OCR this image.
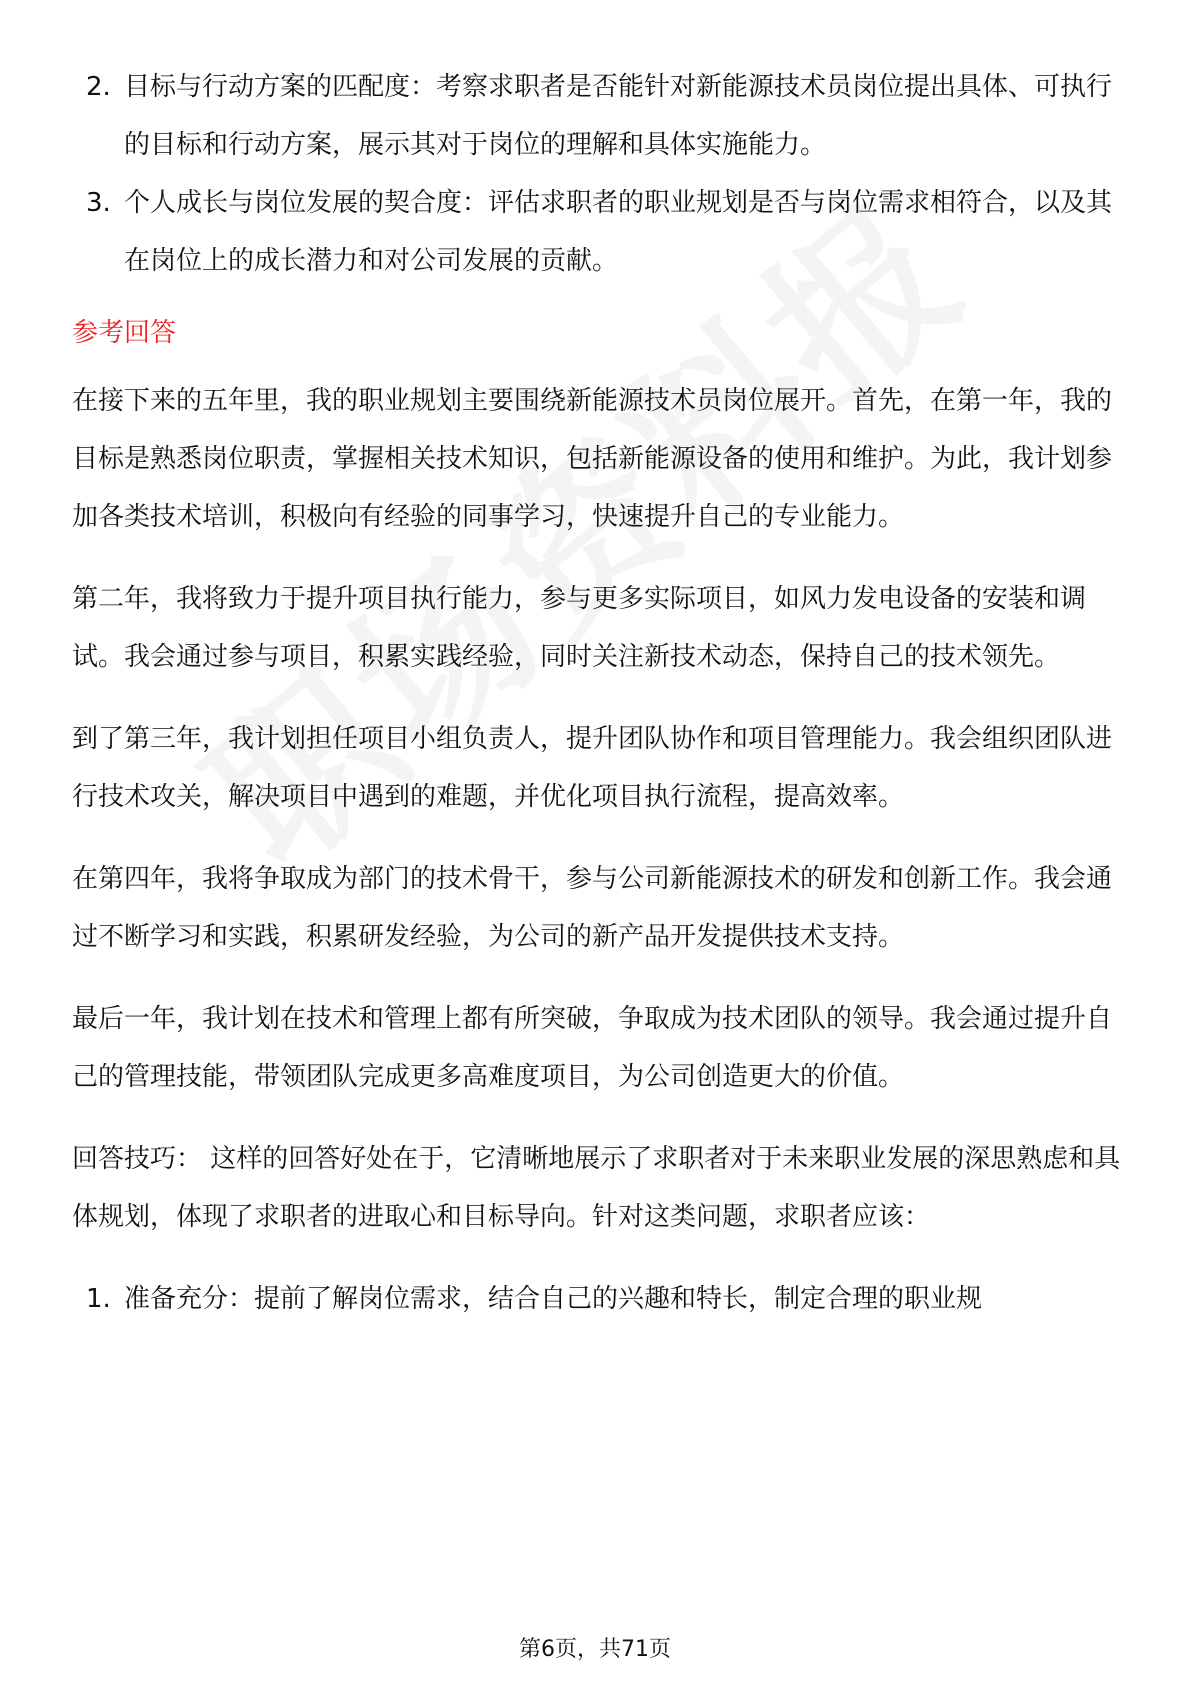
2. 目标与行动方案的匹配度：考察求职者是否能针对新能源技术员岗位提出具体、可执行的目标和行动方案，展示其对于岗位的理解和具体实施能力。
3. 个人成长与岗位发展的契合度：评估求职者的职业规划是否与岗位需求相符合，以及其在岗位上的成长潜力和对公司发展的贡献。
参考回答

在接下来的五年里，我的职业规划主要围绕新能源技术员岗位展开。首先，在第一年，我的目标是熟悉岗位职责，掌握相关技术知识，包括新能源设备的使用和维护。为此，我计划参加各类技术培训，积极向有经验的同事学习，快速提升自己的专业能力。

第二年，我将致力于提升项目执行能力，参与更多实际项目，如风力发电设备的安装和调试。我会通过参与项目，积累实践经验，同时关注新技术动态，保持自己的技术领先。

到了第三年，我计划担任项目小组负责人，提升团队协作和项目管理能力。我会组织团队进行技术攻关，解决项目中遇到的难题，并优化项目执行流程，提高效率。

在第四年，我将争取成为部门的技术骨干，参与公司新能源技术的研发和创新工作。我会通过不断学习和实践，积累研发经验，为公司的新产品开发提供技术支持。

最后一年，我计划在技术和管理上都有所突破，争取成为技术团队的领导。我会通过提升自己的管理技能，带领团队完成更多高难度项目，为公司创造更大的价值。

回答技巧： 这样的回答好处在于，它清晰地展示了求职者对于未来职业发展的深思熟虑和具体规划，体现了求职者的进取心和目标导向。针对这类问题，求职者应该：

1. 准备充分：提前了解岗位需求，结合自己的兴趣和特长，制定合理的职业规
第6页，共71页
